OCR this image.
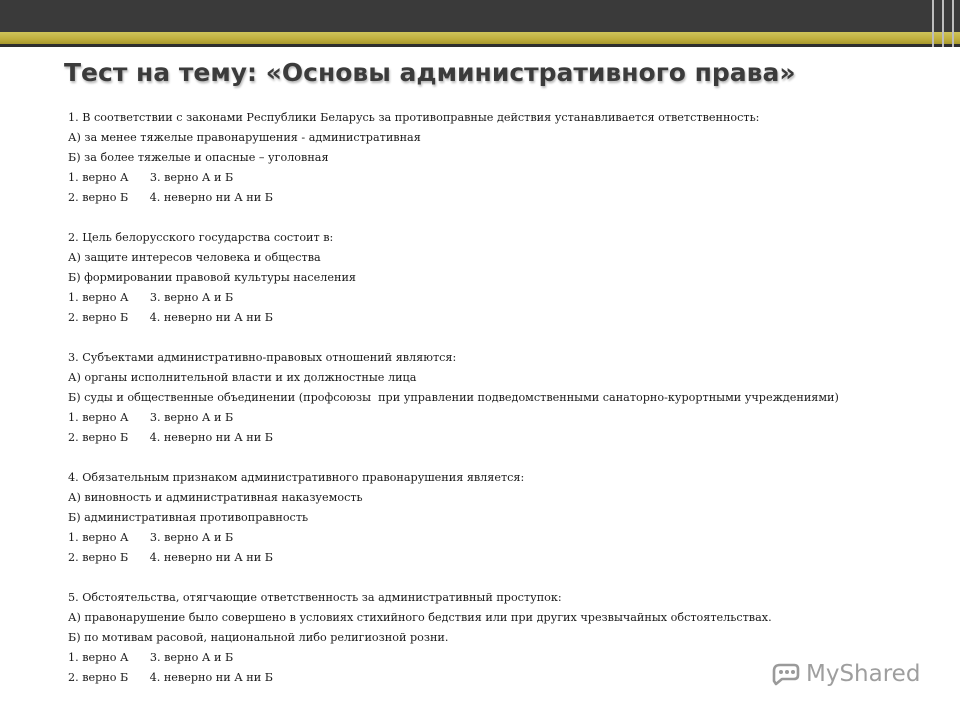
Тест на тему: «Основы административного права»
1. В соответствии с законами Республики Беларусь за противоправные действия устанавливается ответственность:
А) за менее тяжелые правонарушения - административная
Б) за более тяжелые и опасные – уголовная
1. верно А      3. верно А и Б
2. верно Б      4. неверно ни А ни Б
2. Цель белорусского государства состоит в:
А) защите интересов человека и общества
Б) формировании правовой культуры населения
1. верно А      3. верно А и Б
2. верно Б      4. неверно ни А ни Б
3. Субъектами административно-правовых отношений являются:
А) органы исполнительной власти и их должностные лица
Б) суды и общественные объединении (профсоюзы  при управлении подведомственными санаторно-курортными учреждениями)
1. верно А      3. верно А и Б
2. верно Б      4. неверно ни А ни Б
4. Обязательным признаком административного правонарушения является:
А) виновность и административная наказуемость
Б) административная противоправность
1. верно А      3. верно А и Б
2. верно Б      4. неверно ни А ни Б
5. Обстоятельства, отягчающие ответственность за административный проступок:
А) правонарушение было совершено в условиях стихийного бедствия или при других чрезвычайных обстоятельствах.
Б) по мотивам расовой, национальной либо религиозной розни.
1. верно А      3. верно А и Б
2. верно Б      4. неверно ни А ни Б	MyShared
